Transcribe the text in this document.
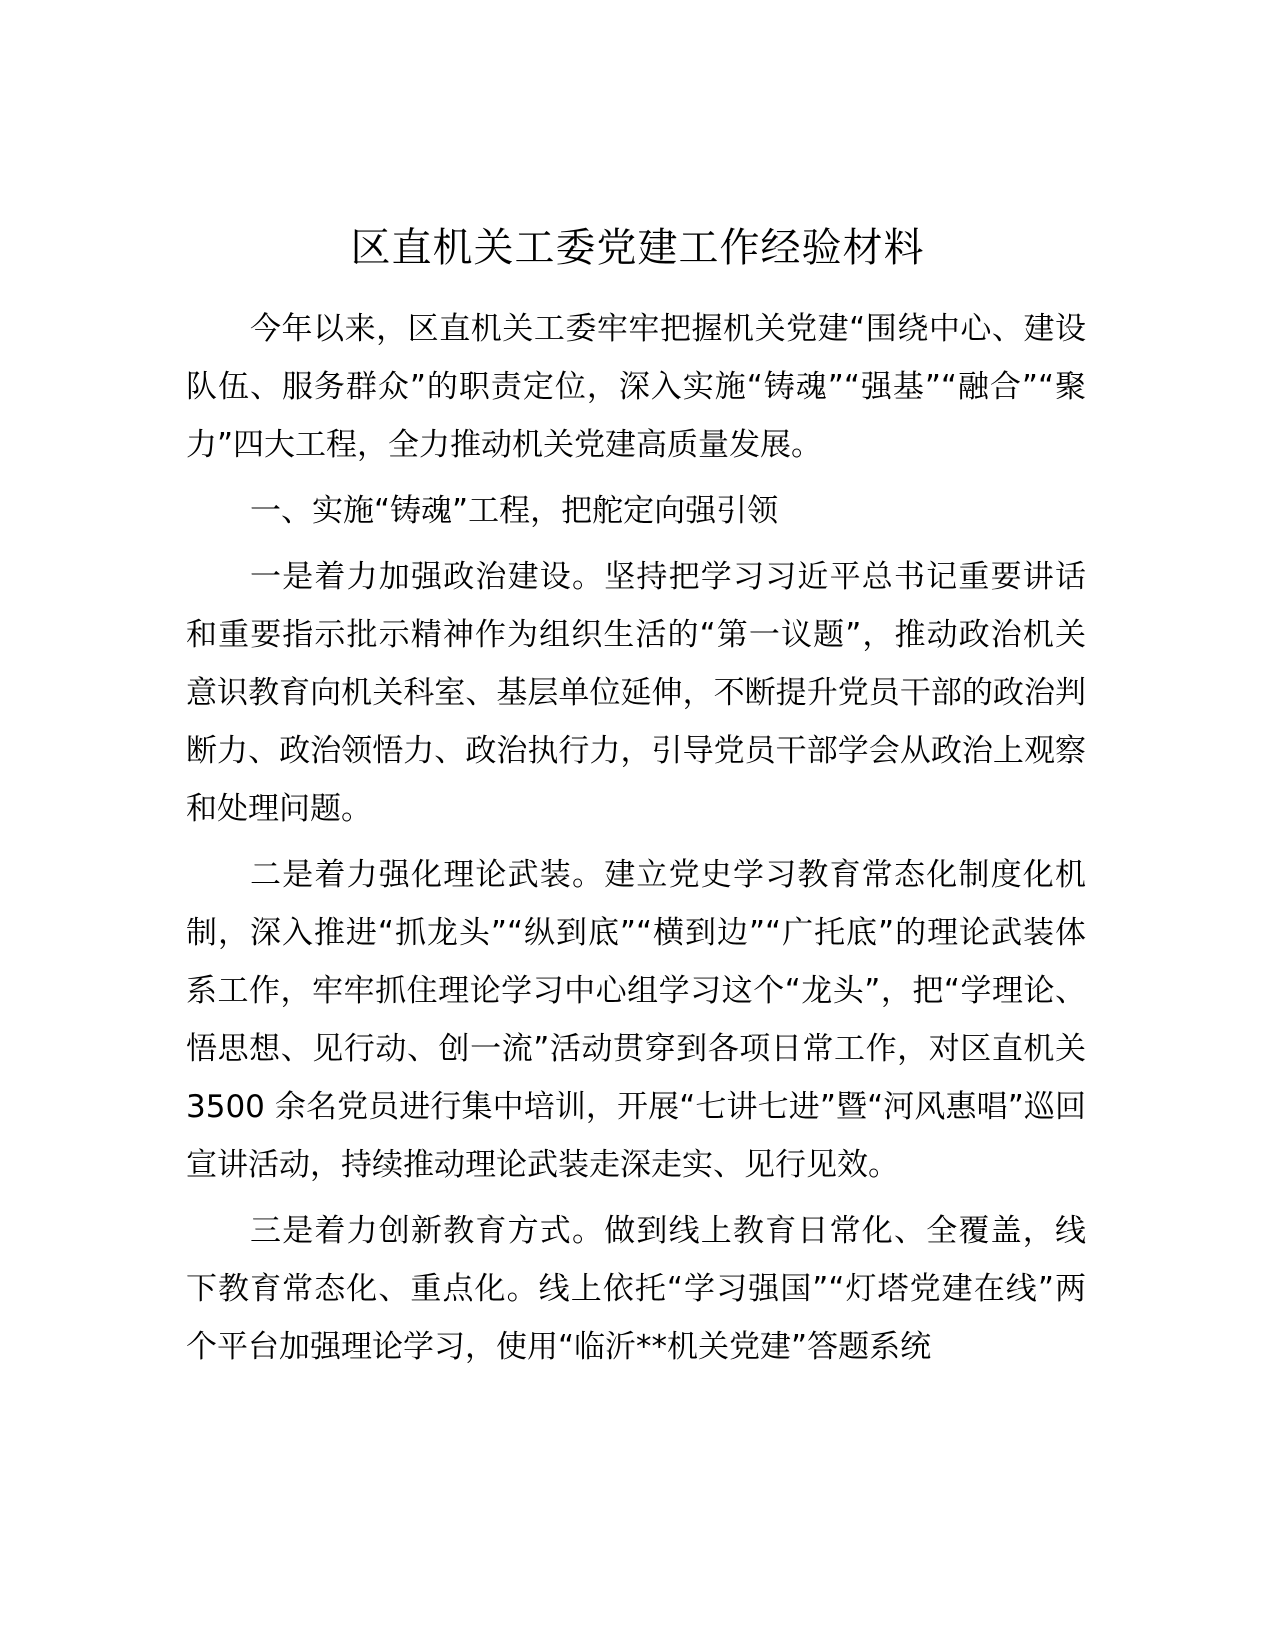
区直机关工委党建工作经验材料

今年以来，区直机关工委牢牢把握机关党建“围绕中心、建设队伍、服务群众”的职责定位，深入实施“铸魂”“强基”“融合”“聚力”四大工程，全力推动机关党建高质量发展。

一、实施“铸魂”工程，把舵定向强引领

一是着力加强政治建设。坚持把学习习近平总书记重要讲话和重要指示批示精神作为组织生活的“第一议题”，推动政治机关意识教育向机关科室、基层单位延伸，不断提升党员干部的政治判断力、政治领悟力、政治执行力，引导党员干部学会从政治上观察和处理问题。

二是着力强化理论武装。建立党史学习教育常态化制度化机制，深入推进“抓龙头”“纵到底”“横到边”“广托底”的理论武装体系工作，牢牢抓住理论学习中心组学习这个“龙头”，把“学理论、悟思想、见行动、创一流”活动贯穿到各项日常工作，对区直机关 3500 余名党员进行集中培训，开展“七讲七进”暨“河风惠唱”巡回宣讲活动，持续推动理论武装走深走实、见行见效。

三是着力创新教育方式。做到线上教育日常化、全覆盖，线下教育常态化、重点化。线上依托“学习强国”“灯塔党建在线”两个平台加强理论学习，使用“临沂**机关党建”答题系统
